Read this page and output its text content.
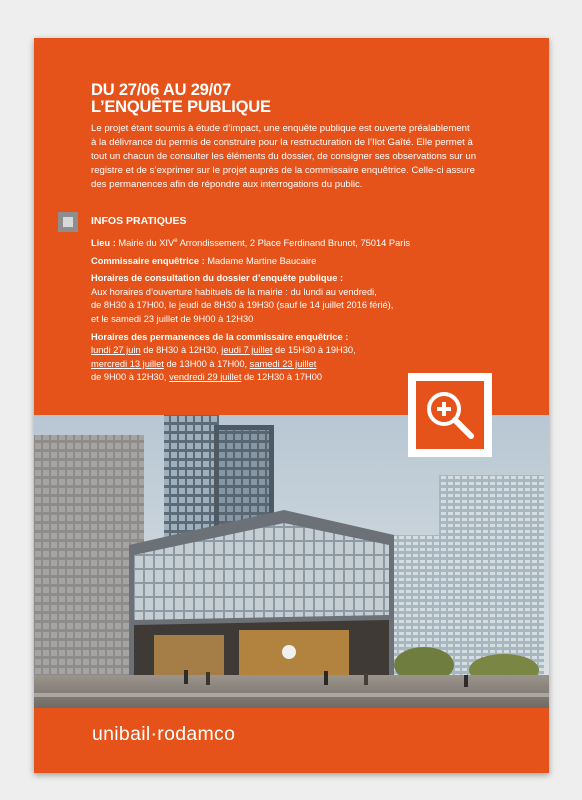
DU 27/06 AU 29/07
L’ENQUÊTE PUBLIQUE
Le projet étant soumis à étude d’impact, une enquête publique est ouverte préalablement
à la délivrance du permis de construire pour la restructuration de l’Ilot Gaîté. Elle permet à
tout un chacun de consulter les éléments du dossier, de consigner ses observations sur un
registre et de s’exprimer sur le projet auprès de la commissaire enquêtrice. Celle-ci assure
des permanences afin de répondre aux interrogations du public.
INFOS PRATIQUES
Lieu : Mairie du XIVe Arrondissement, 2 Place Ferdinand Brunot, 75014 Paris
Commissaire enquêtrice : Madame Martine Baucaire
Horaires de consultation du dossier d’enquête publique :
Aux horaires d’ouverture habituels de la mairie : du lundi au vendredi,
de 8H30 à 17H00, le jeudi de 8H30 à 19H30 (sauf le 14 juillet 2016 férié),
et le samedi 23 juillet de 9H00 à 12H30
Horaires des permanences de la commissaire enquêtrice :
lundi 27 juin de 8H30 à 12H30, jeudi 7 juillet de 15H30 à 19H30,
mercredi 13 juillet de 13H00 à 17H00, samedi 23 juillet
de 9H00 à 12H30, vendredi 29 juillet de 12H30 à 17H00
unibail·rodamco
